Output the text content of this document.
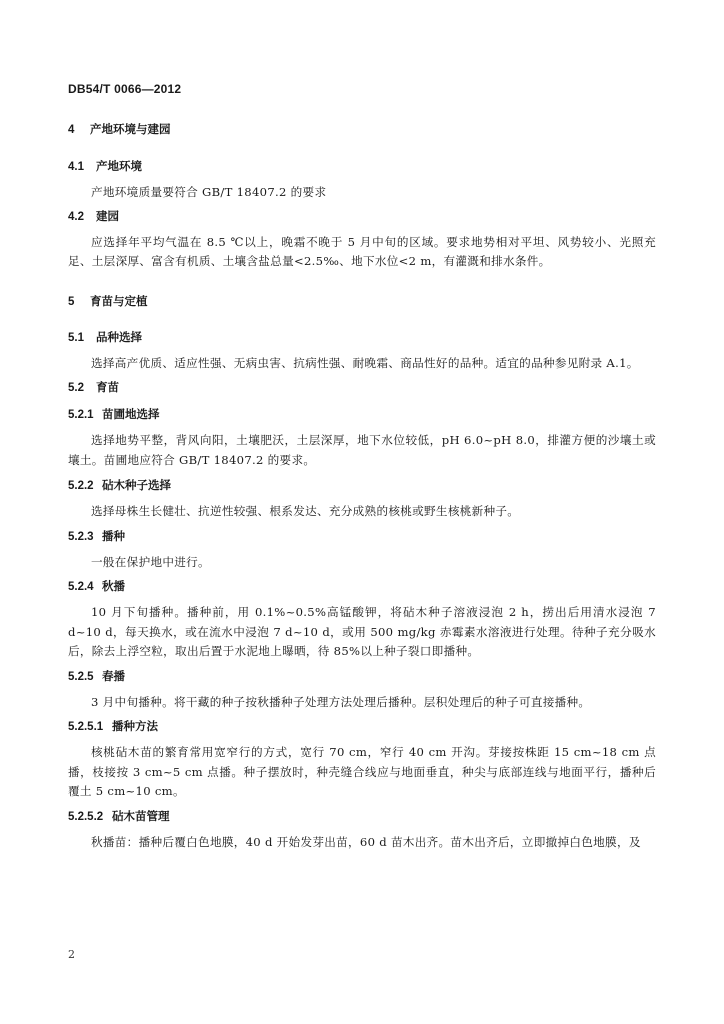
DB54/T 0066—2012
4 产地环境与建园
4.1 产地环境

产地环境质量要符合 GB/T 18407.2 的要求

4.2 建园

应选择年平均气温在 8.5 ℃以上，晚霜不晚于 5 月中旬的区域。要求地势相对平坦、风势较小、光照充足、土层深厚、富含有机质、土壤含盐总量<2.5‰、地下水位<2 m，有灌溉和排水条件。

5 育苗与定植
5.1 品种选择

选择高产优质、适应性强、无病虫害、抗病性强、耐晚霜、商品性好的品种。适宜的品种参见附录 A.1。

5.2 育苗
5.2.1 苗圃地选择

选择地势平整，背风向阳，土壤肥沃，土层深厚，地下水位较低，pH 6.0~pH 8.0，排灌方便的沙壤土或壤土。苗圃地应符合 GB/T 18407.2 的要求。

5.2.2 砧木种子选择

选择母株生长健壮、抗逆性较强、根系发达、充分成熟的核桃或野生核桃新种子。

5.2.3 播种

一般在保护地中进行。

5.2.4 秋播

10 月下旬播种。播种前，用 0.1%~0.5%高锰酸钾，将砧木种子溶液浸泡 2 h，捞出后用清水浸泡 7 d~10 d，每天换水，或在流水中浸泡 7 d~10 d，或用 500 mg/kg 赤霉素水溶液进行处理。待种子充分吸水后，除去上浮空粒，取出后置于水泥地上曝晒，待 85%以上种子裂口即播种。

5.2.5 春播

3 月中旬播种。将干藏的种子按秋播种子处理方法处理后播种。层积处理后的种子可直接播种。

5.2.5.1 播种方法

核桃砧木苗的繁育常用宽窄行的方式，宽行 70 cm，窄行 40 cm 开沟。芽接按株距 15 cm~18 cm 点播，枝接按 3 cm~5 cm 点播。种子摆放时，种壳缝合线应与地面垂直，种尖与底部连线与地面平行，播种后覆土 5 cm~10 cm。

5.2.5.2 砧木苗管理

秋播苗：播种后覆白色地膜，40 d 开始发芽出苗，60 d 苗木出齐。苗木出齐后，立即撤掉白色地膜，及

2
